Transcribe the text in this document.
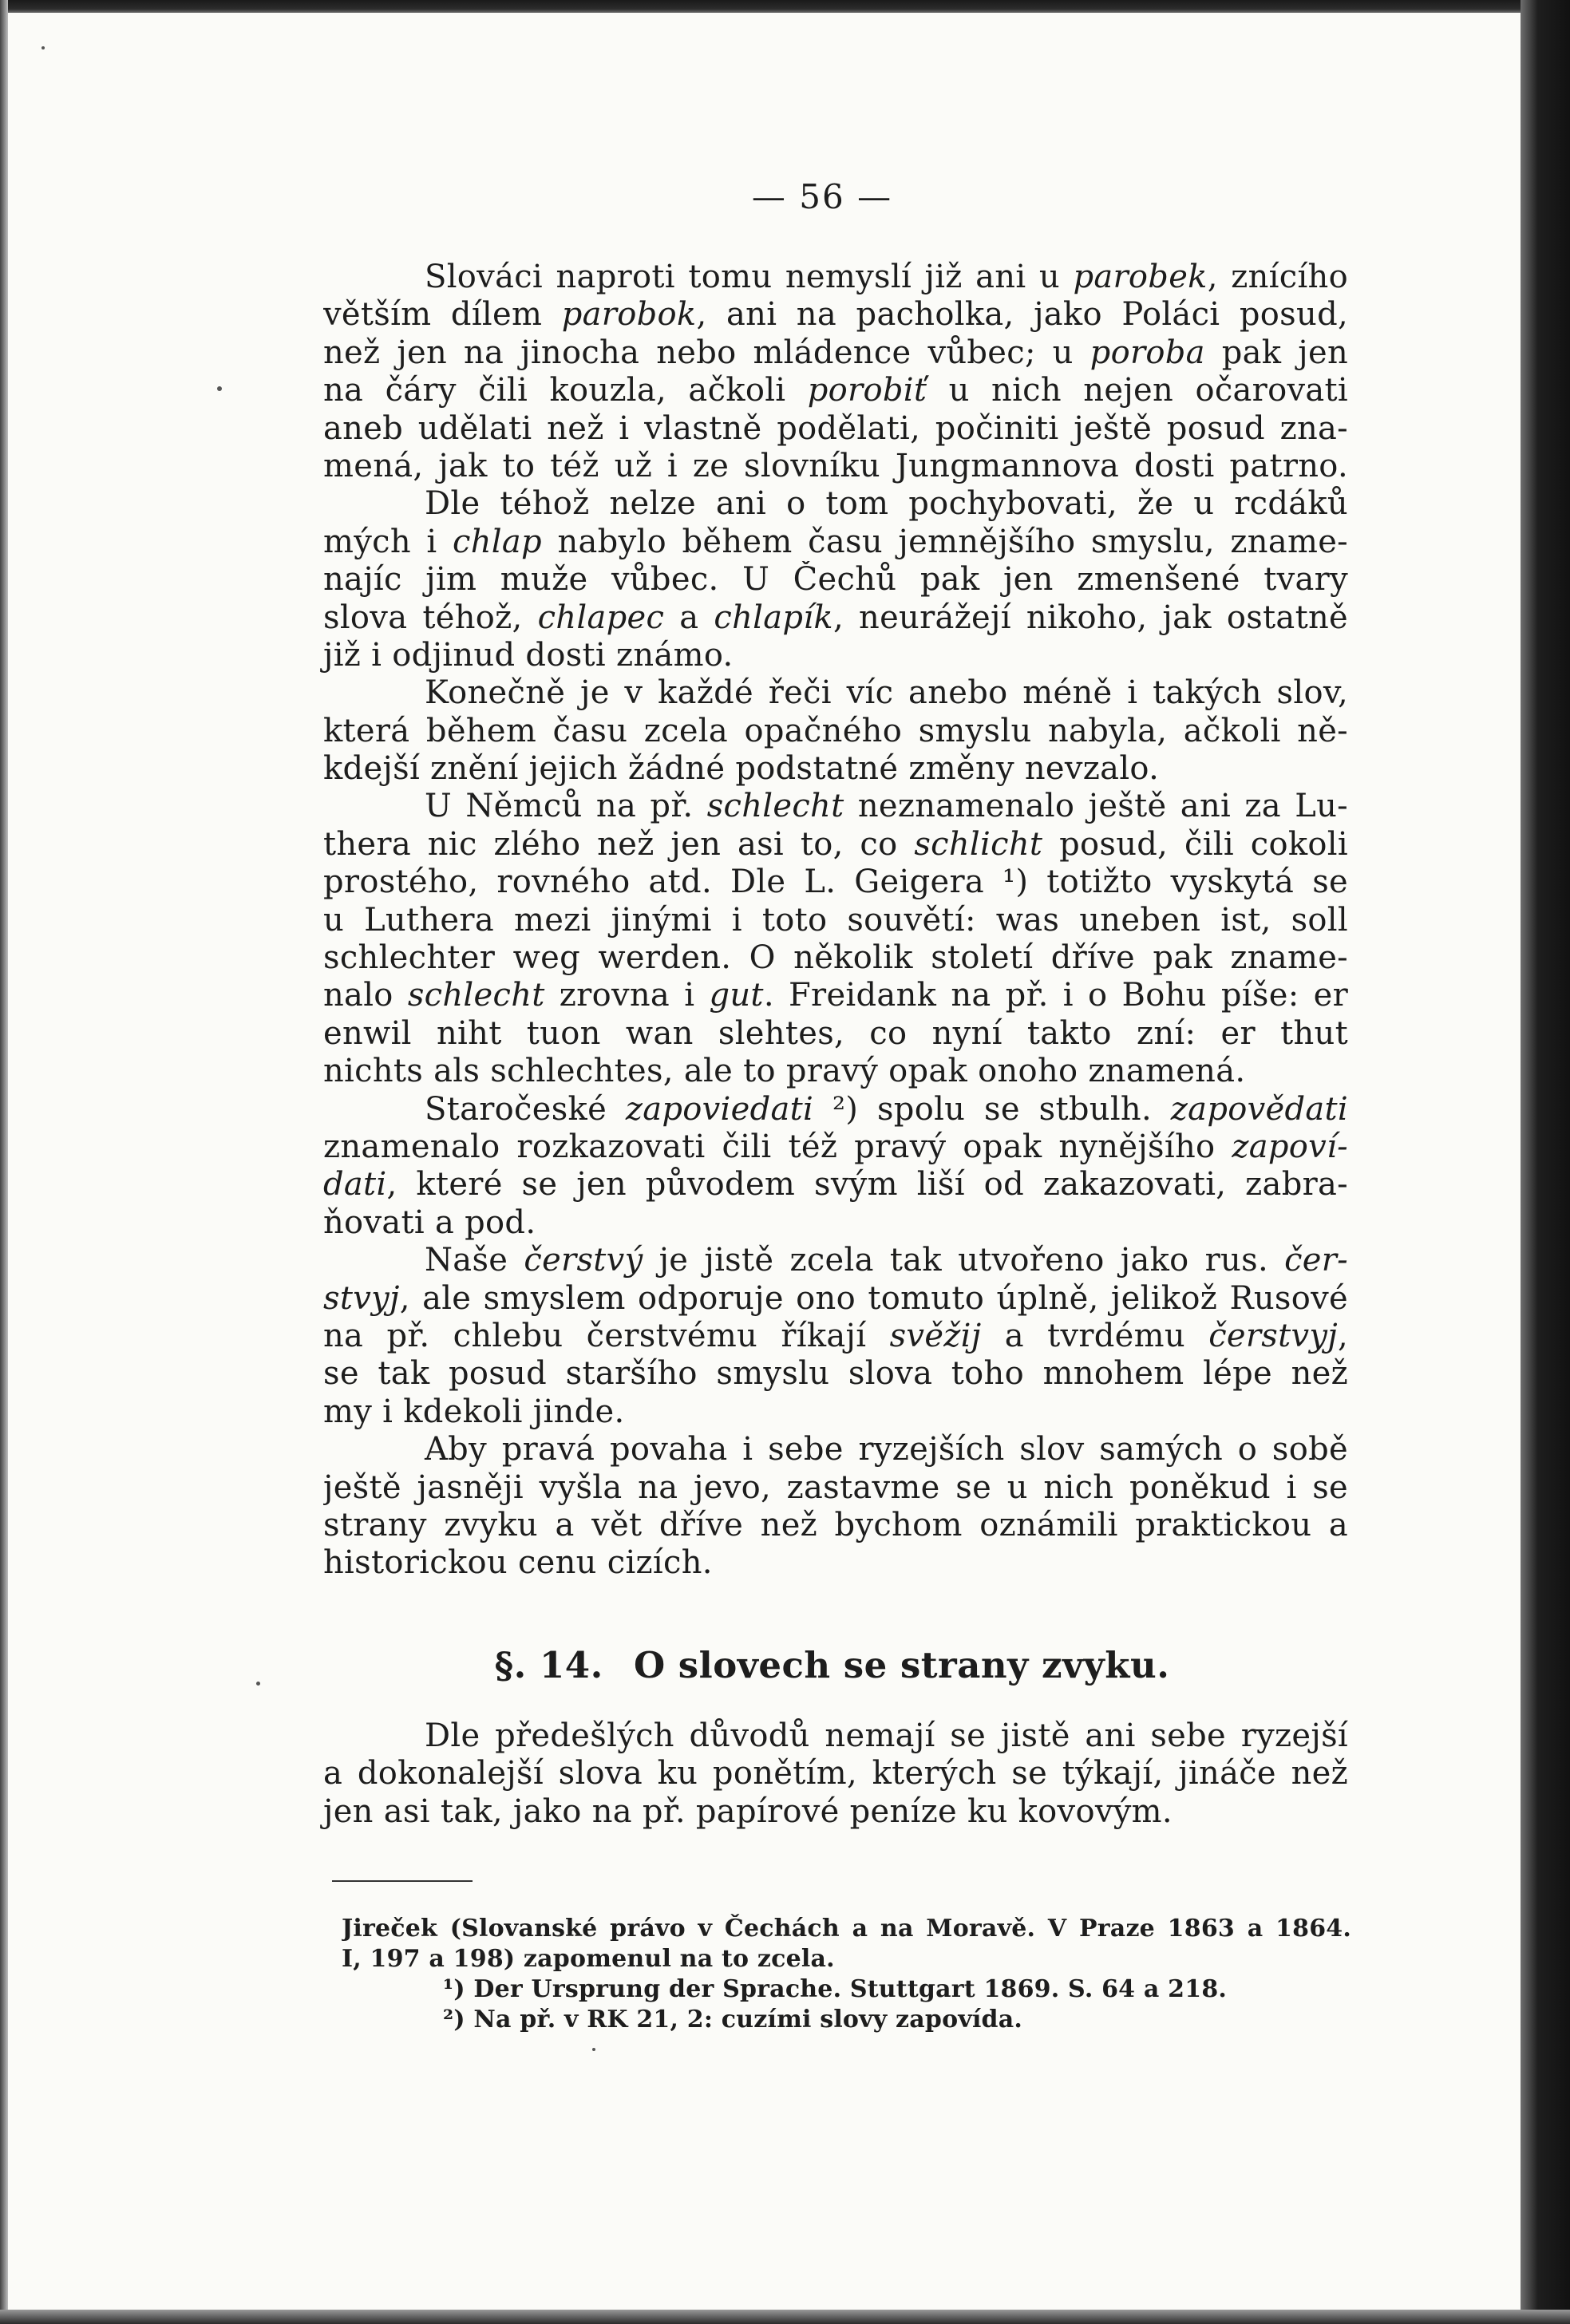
— 56 —
Slováci naproti tomu nemyslí již ani u parobek, znícího
větším dílem parobok, ani na pacholka, jako Poláci posud,
než jen na jinocha nebo mládence vůbec; u poroba pak jen
na čáry čili kouzla, ačkoli porobiť u nich nejen očarovati
aneb udělati než i vlastně podělati, počiniti ještě posud zna-
mená, jak to též už i ze slovníku Jungmannova dosti patrno.
Dle téhož nelze ani o tom pochybovati, že u rcdáků
mých i chlap nabylo během času jemnějšího smyslu, zname-
najíc jim muže vůbec. U Čechů pak jen zmenšené tvary
slova téhož, chlapec a chlapík, neurážejí nikoho, jak ostatně
již i odjinud dosti známo.
Konečně je v každé řeči víc anebo méně i takých slov,
která během času zcela opačného smyslu nabyla, ačkoli ně-
kdejší znění jejich žádné podstatné změny nevzalo.
U Němců na př. schlecht neznamenalo ještě ani za Lu-
thera nic zlého než jen asi to, co schlicht posud, čili cokoli
prostého, rovného atd. Dle L. Geigera ¹) totižto vyskytá se
u Luthera mezi jinými i toto souvětí: was uneben ist, soll
schlechter weg werden. O několik století dříve pak zname-
nalo schlecht zrovna i gut. Freidank na př. i o Bohu píše: er
enwil niht tuon wan slehtes, co nyní takto zní: er thut
nichts als schlechtes, ale to pravý opak onoho znamená.
Staročeské zapoviedati ²) spolu se stbulh. zapovědati
znamenalo rozkazovati čili též pravý opak nynějšího zapoví-
dati, které se jen původem svým liší od zakazovati, zabra-
ňovati a pod.
Naše čerstvý je jistě zcela tak utvořeno jako rus. čer-
stvyj, ale smyslem odporuje ono tomuto úplně, jelikož Rusové
na př. chlebu čerstvému říkají svěžij a tvrdému čerstvyj,
se tak posud staršího smyslu slova toho mnohem lépe než
my i kdekoli jinde.
Aby pravá povaha i sebe ryzejších slov samých o sobě
ještě jasněji vyšla na jevo, zastavme se u nich poněkud i se
strany zvyku a vět dříve než bychom oznámili praktickou a
historickou cenu cizích.
§. 14. O slovech se strany zvyku.
Dle předešlých důvodů nemají se jistě ani sebe ryzejší
a dokonalejší slova ku ponětím, kterých se týkají, jináče než
jen asi tak, jako na př. papírové peníze ku kovovým.
Jireček (Slovanské právo v Čechách a na Moravě. V Praze 1863 a 1864.
I, 197 a 198) zapomenul na to zcela.
¹) Der Ursprung der Sprache. Stuttgart 1869. S. 64 a 218.
²) Na př. v RK 21, 2: cuzími slovy zapovída.
